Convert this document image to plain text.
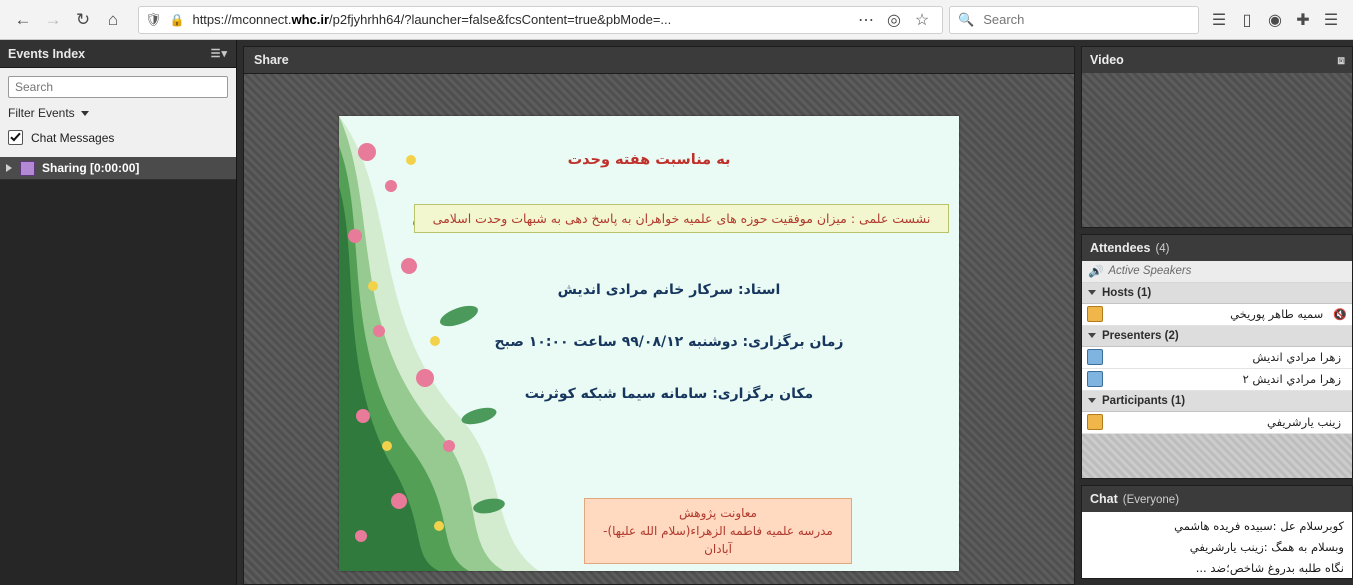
← → ↻	⌂	🛡 🔒 https://mconnect.whc.ir/p2fjyhrhh64/?launcher=false&fcsContent=true&pbMode=...	⋯ ◎ ☆	🔍
Search	☰	▯	◉ ✚ ☰
Events Index	☰▾
Search
Filter Events
Chat Messages
Sharing [0:00:00]
Share
به مناسبت هفته وحدت
نشست علمی : میزان موفقیت حوزه های علمیه خواهران به پاسخ دهی به شبهات وحدت اسلامی
استاد: سرکار خانم مرادی اندیش
زمان برگزاری: دوشنبه ۹۹/۰۸/۱۲ ساعت ۱۰:۰۰ صبح
مکان برگزاری: سامانه سیما شبکه کوثرنت
معاونت پژوهش
مدرسه علمیه فاطمه الزهراء(سلام الله علیها)- آبادان
Video	⧈
Attendees (4)
🔊 Active Speakers
Hosts (1)
🔇
سميه طاهر پوريخي
Presenters (2)
زهرا مرادي انديش
زهرا مرادي انديش ۲
Participants (1)
زينب يارشريفي
Chat (Everyone)
كوبرسلام عل :سبيده فريده هاشمي
وبسلام به همگ :زينب يارشريفي
نگاه طلبه بدروغ شاخص؛ضد ...
